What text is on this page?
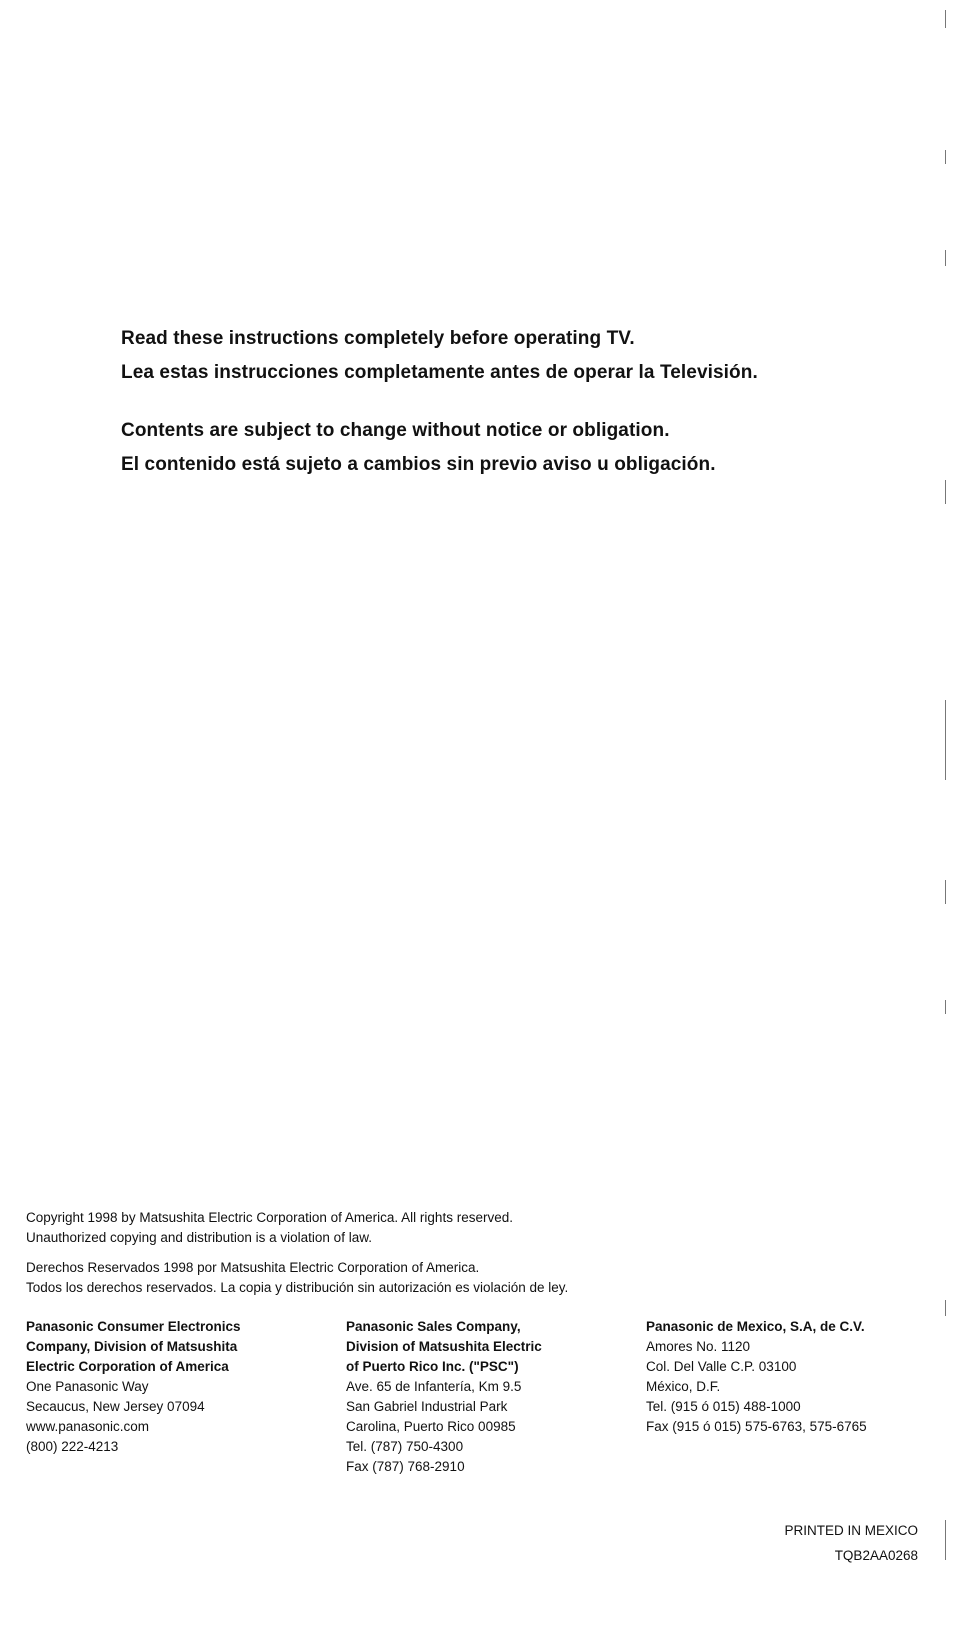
Read these instructions completely before operating TV.

Lea estas instrucciones completamente antes de operar la Televisión.

Contents are subject to change without notice or obligation.

El contenido está sujeto a cambios sin previo aviso u obligación.

Copyright 1998 by Matsushita Electric Corporation of America. All rights reserved.

Unauthorized copying and distribution is a violation of law.

Derechos Reservados 1998 por Matsushita Electric Corporation of America.

Todos los derechos reservados. La copia y distribución sin autorización es violación de ley.

Panasonic Consumer Electronics
Company, Division of Matsushita
Electric Corporation of America
One Panasonic Way
Secaucus, New Jersey 07094
www.panasonic.com
(800) 222-4213
Panasonic Sales Company,
Division of Matsushita Electric
of Puerto Rico Inc. ("PSC")
Ave. 65 de Infantería, Km 9.5
San Gabriel Industrial Park
Carolina, Puerto Rico 00985
Tel. (787) 750-4300
Fax (787) 768-2910
Panasonic de Mexico, S.A, de C.V.
Amores No. 1120
Col. Del Valle C.P. 03100
México, D.F.
Tel. (915 ó 015) 488-1000
Fax (915 ó 015) 575-6763, 575-6765
PRINTED IN MEXICO
TQB2AA0268
